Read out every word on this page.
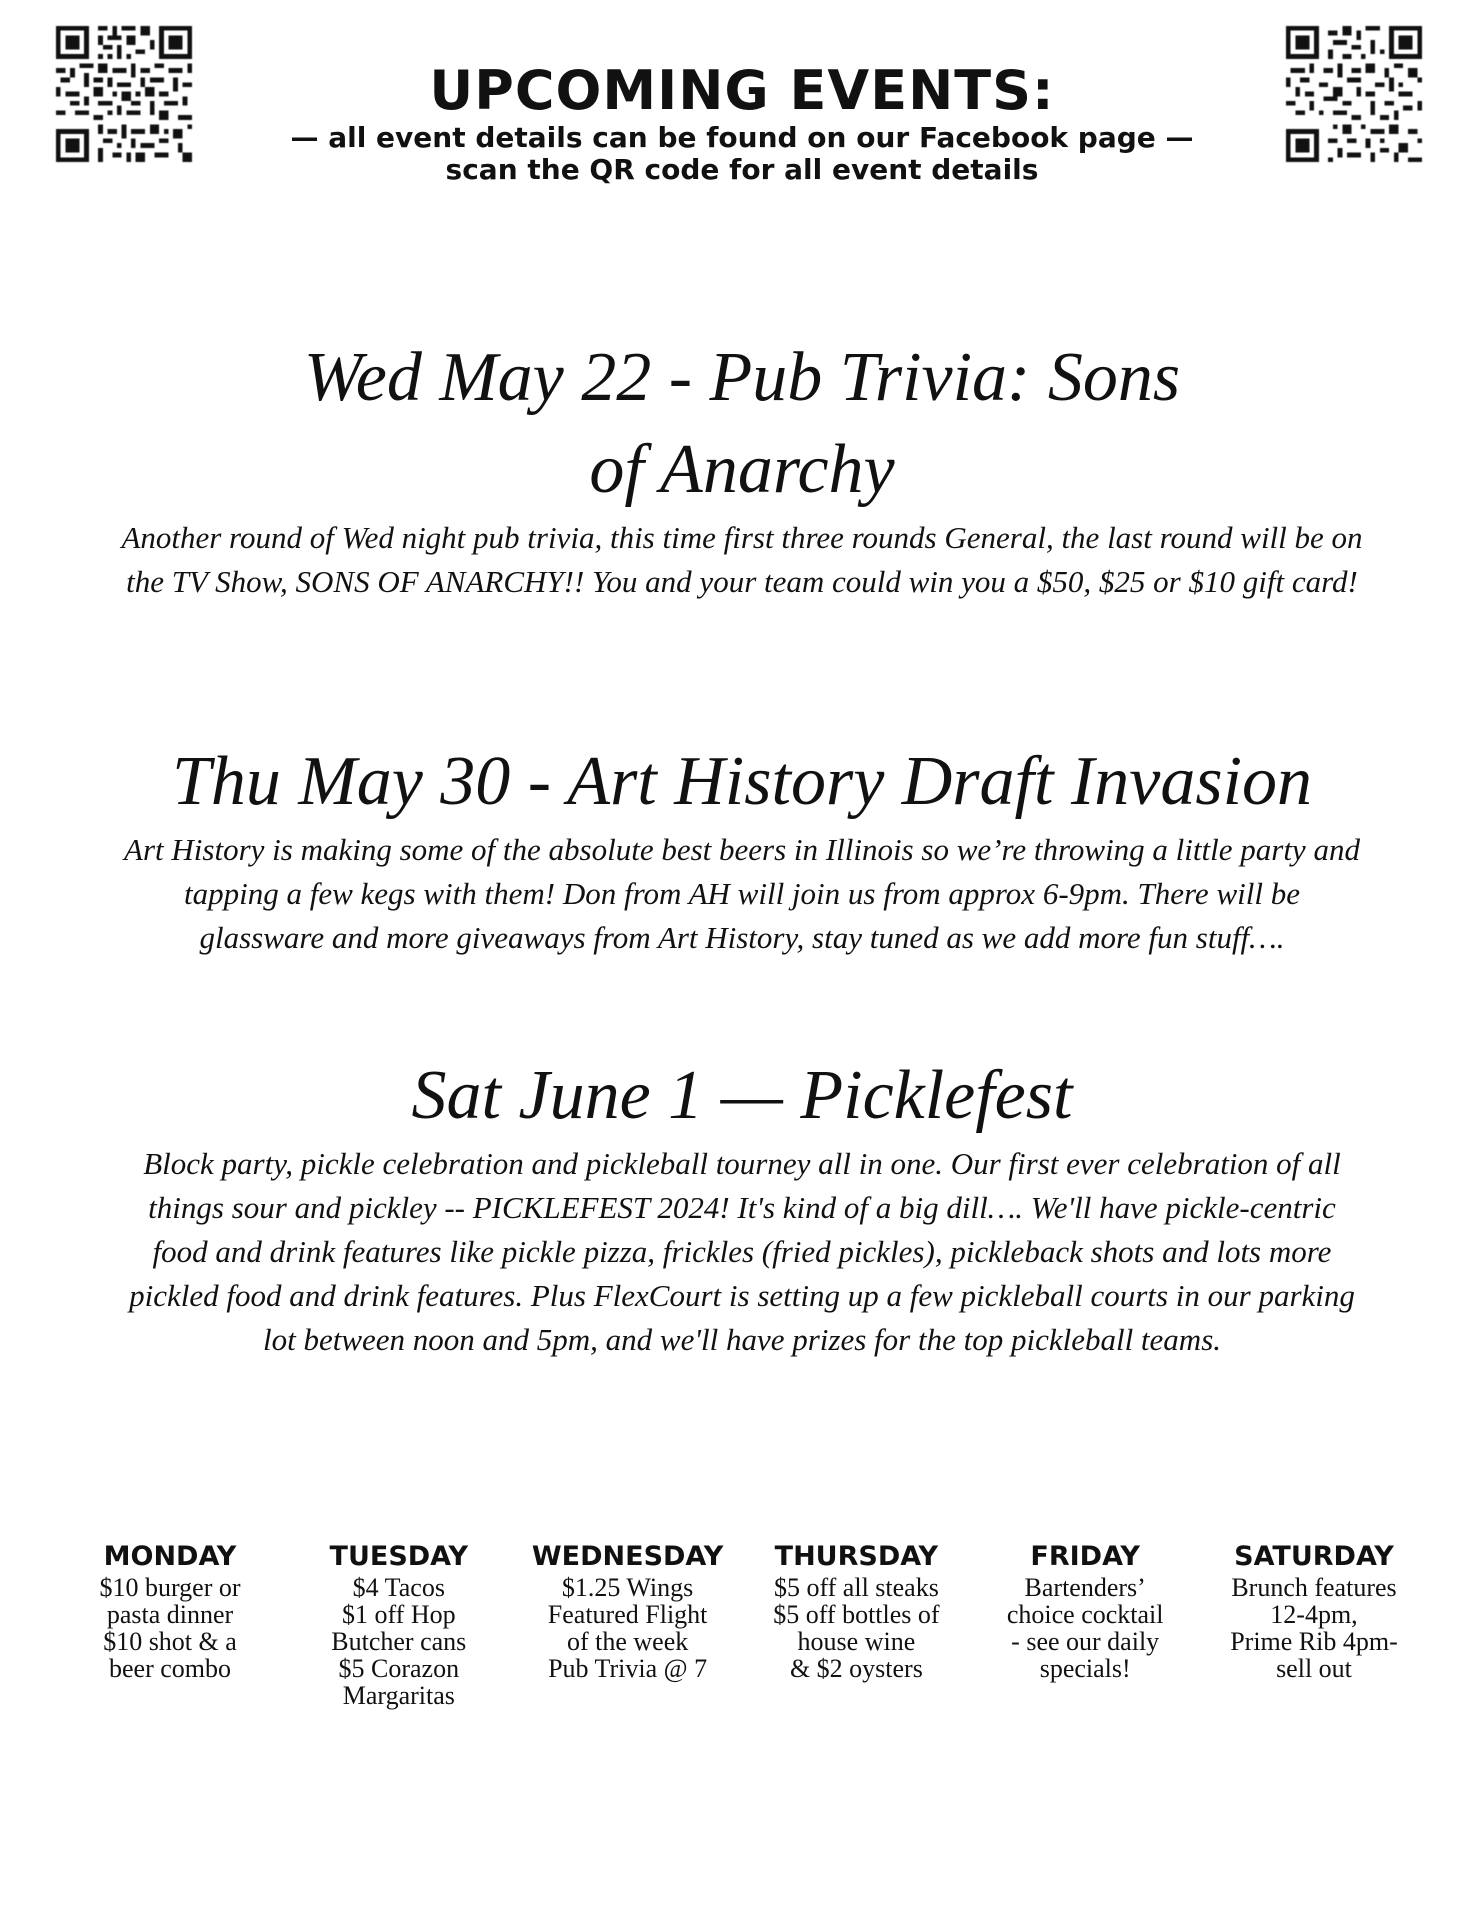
UPCOMING EVENTS:
— all event details can be found on our Facebook page —
scan the QR code for all event details
Wed May 22 - Pub Trivia: Sons of Anarchy
Another round of Wed night pub trivia, this time first three rounds General, the last round will be on the TV Show, SONS OF ANARCHY!! You and your team could win you a $50, $25 or $10 gift card!
Thu May 30 - Art History Draft Invasion
Art History is making some of the absolute best beers in Illinois so we’re throwing a little party and tapping a few kegs with them! Don from AH will join us from approx 6-9pm. There will be glassware and more giveaways from Art History, stay tuned as we add more fun stuff….
Sat June 1 — Picklefest
Block party, pickle celebration and pickleball tourney all in one. Our first ever celebration of all things sour and pickley -- PICKLEFEST 2024! It's kind of a big dill…. We'll have pickle-centric food and drink features like pickle pizza, frickles (fried pickles), pickleback shots and lots more pickled food and drink features. Plus FlexCourt is setting up a few pickleball courts in our parking lot between noon and 5pm, and we'll have prizes for the top pickleball teams.
MONDAY
$10 burger or
pasta dinner
$10 shot & a
beer combo
TUESDAY
$4 Tacos
$1 off Hop
Butcher cans
$5 Corazon
Margaritas
WEDNESDAY
$1.25 Wings
Featured Flight
of the week
Pub Trivia @ 7
THURSDAY
$5 off all steaks
$5 off bottles of
house wine
& $2 oysters
FRIDAY
Bartenders’
choice cocktail
- see our daily
specials!
SATURDAY
Brunch features
12-4pm,
Prime Rib 4pm-
sell out
